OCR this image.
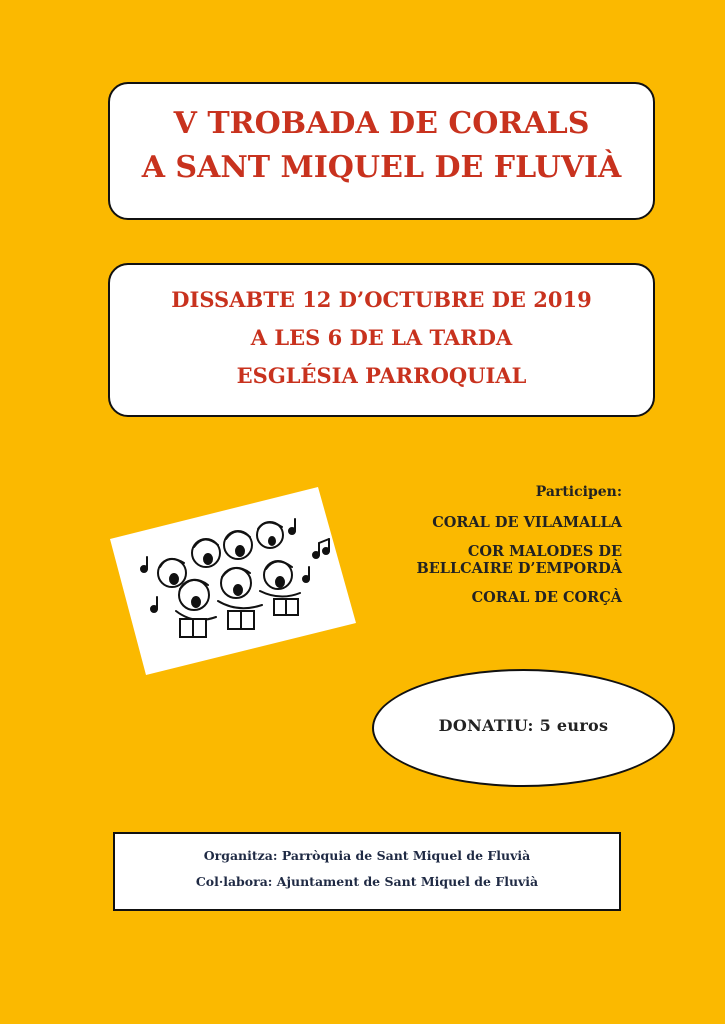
V TROBADA DE CORALS
A SANT MIQUEL DE FLUVIÀ
DISSABTE 12 D’OCTUBRE DE 2019
A LES 6 DE LA TARDA
ESGLÉSIA PARROQUIAL
Participen:
CORAL DE VILAMALLA
COR MALODES DE
BELLCAIRE D’EMPORDÀ
CORAL DE CORÇÀ
DONATIU: 5 euros
Organitza: Parròquia de Sant Miquel de Fluvià
Col·labora: Ajuntament de Sant Miquel de Fluvià
